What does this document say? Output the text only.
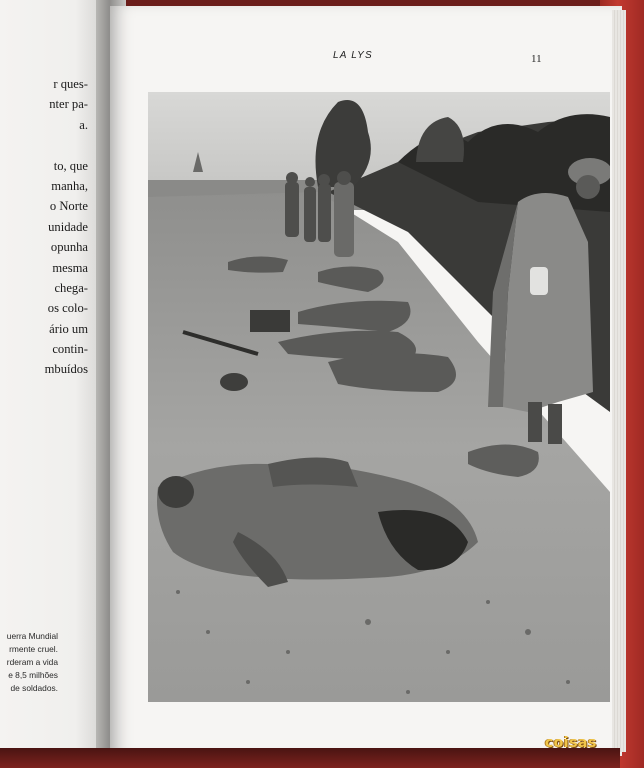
r ques-
nter pa-
a.
to, que
manha,
o Norte
unidade
opunha
mesma
chega-
os colo-
ário um
contin-
mbuídos
uerra Mundial
rmente cruel.
rderam a vida
e 8,5 milhões
de soldados.
LA LYS	11
coisas
